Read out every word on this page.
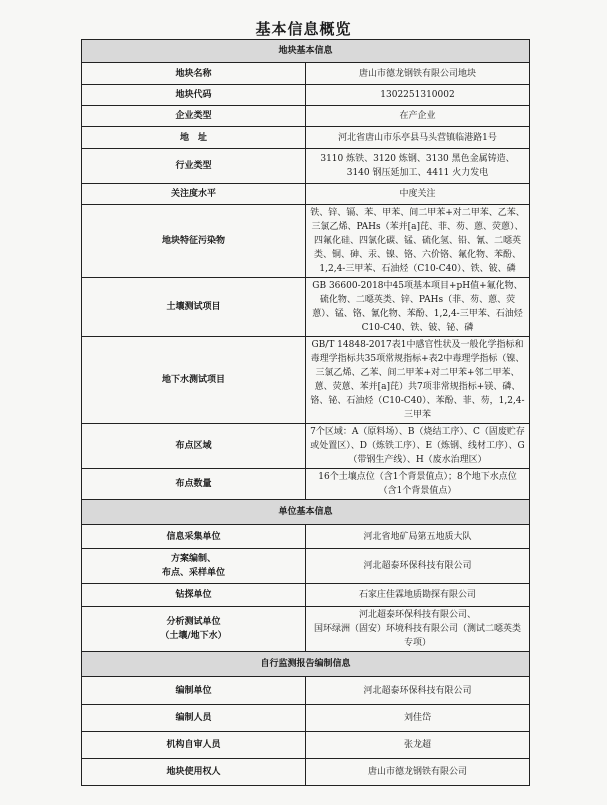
基本信息概览
地块基本信息	
地块名称	唐山市德龙钢铁有限公司地块
地块代码	1302251310002
企业类型	在产企业
地　址	河北省唐山市乐亭县马头营镇临港路1号
行业类型	3110 炼铁、3120 炼钢、3130 黑色金属铸造、
3140 钢压延加工、4411 火力发电
关注度水平	中度关注
地块特征污染物	铁、锌、镉、苯、甲苯、间二甲苯+对二甲苯、乙苯、三氯乙烯、PAHs（苯并[a]芘、菲、芴、蒽、荧蒽）、四氟化硅、四氯化碳、锰、硫化氢、铅、氰、二噁英类、铜、砷、汞、镍、铬、六价铬、氟化物、苯酚、1,2,4-三甲苯、石油烃（C10-C40）、铁、铍、磷
土壤测试项目	GB 36600-2018中45项基本项目+pH值+氟化物、硫化物、二噁英类、锌、PAHs（菲、芴、蒽、荧蒽）、锰、铬、氰化物、苯酚、1,2,4-三甲苯、石油烃C10-C40、铁、铍、铋、磷
地下水测试项目	GB/T 14848-2017表1中感官性状及一般化学指标和毒理学指标共35项常规指标+表2中毒理学指标（镍、三氯乙烯、乙苯、间二甲苯+对二甲苯+邻二甲苯、蒽、荧蒽、苯并[a]芘）共7项非常规指标+镁、磷、铬、铋、石油烃（C10-C40）、苯酚、菲、芴，1,2,4-三甲苯
布点区域	7个区域：A（原料场）、B（烧结工序）、C（固废贮存或处置区）、D（炼铁工序）、E（炼钢、线材工序）、G（带钢生产线）、H（废水治理区）
布点数量	16个土壤点位（含1个背景值点）；8个地下水点位（含1个背景值点）
单位基本信息	
信息采集单位	河北省地矿局第五地质大队
方案编制、
布点、采样单位	河北超泰环保科技有限公司
钻探单位	石家庄佳霖地质勘探有限公司
分析测试单位
（土壤/地下水）	河北超泰环保科技有限公司、
国环绿洲（固安）环境科技有限公司（测试二噁英类专项）
自行监测报告编制信息	
编制单位	河北超泰环保科技有限公司
编制人员	刘佳岱
机构自审人员	张龙超
地块使用权人	唐山市德龙钢铁有限公司
